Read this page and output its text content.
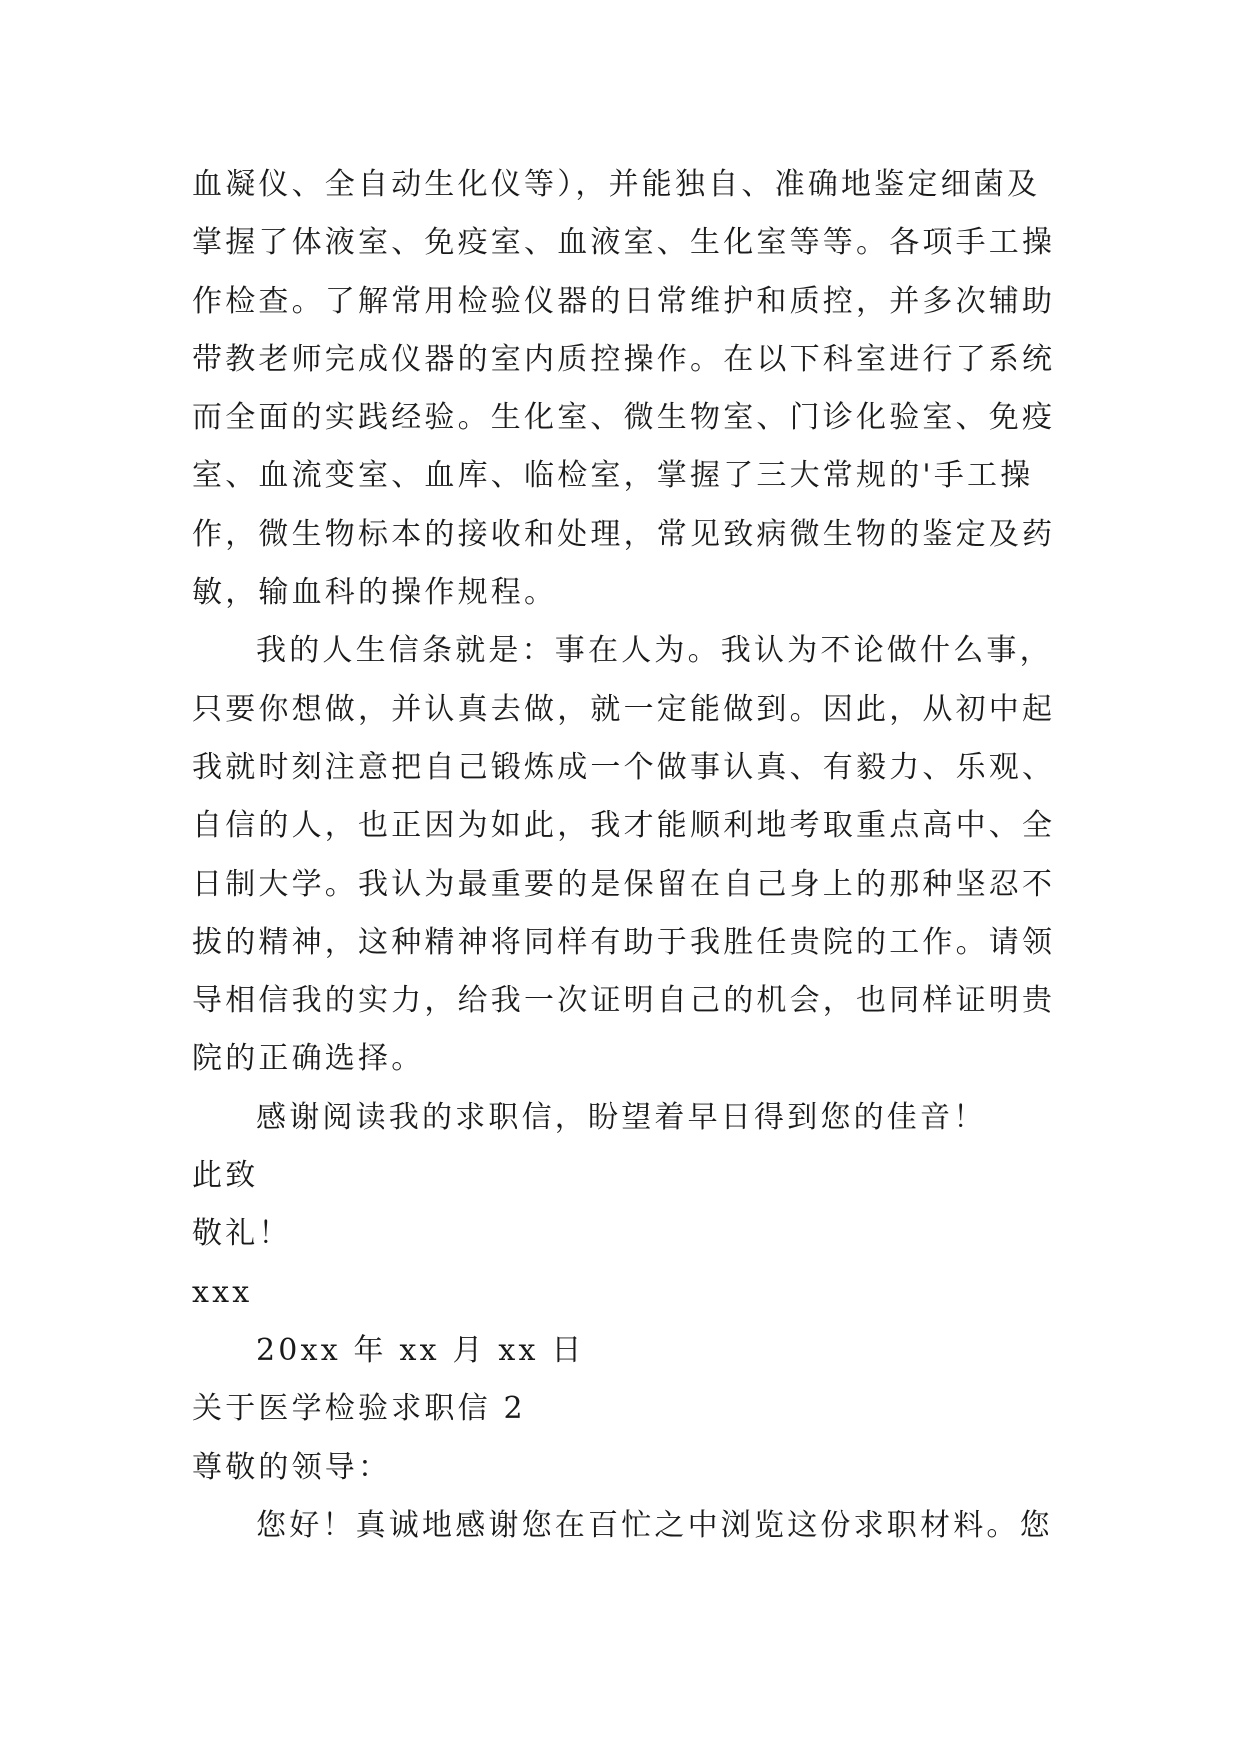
血凝仪、全自动生化仪等），并能独自、准确地鉴定细菌及
掌握了体液室、免疫室、血液室、生化室等等。各项手工操
作检查。了解常用检验仪器的日常维护和质控，并多次辅助
带教老师完成仪器的室内质控操作。在以下科室进行了系统
而全面的实践经验。生化室、微生物室、门诊化验室、免疫
室、血流变室、血库、临检室，掌握了三大常规的'手工操
作，微生物标本的接收和处理，常见致病微生物的鉴定及药
敏，输血科的操作规程。
我的人生信条就是：事在人为。我认为不论做什么事，
只要你想做，并认真去做，就一定能做到。因此，从初中起
我就时刻注意把自己锻炼成一个做事认真、有毅力、乐观、
自信的人，也正因为如此，我才能顺利地考取重点高中、全
日制大学。我认为最重要的是保留在自己身上的那种坚忍不
拔的精神，这种精神将同样有助于我胜任贵院的工作。请领
导相信我的实力，给我一次证明自己的机会，也同样证明贵
院的正确选择。
感谢阅读我的求职信，盼望着早日得到您的佳音！
此致
敬礼！
xxx
20xx 年 xx 月 xx 日
关于医学检验求职信 2
尊敬的领导：
您好！真诚地感谢您在百忙之中浏览这份求职材料。您
